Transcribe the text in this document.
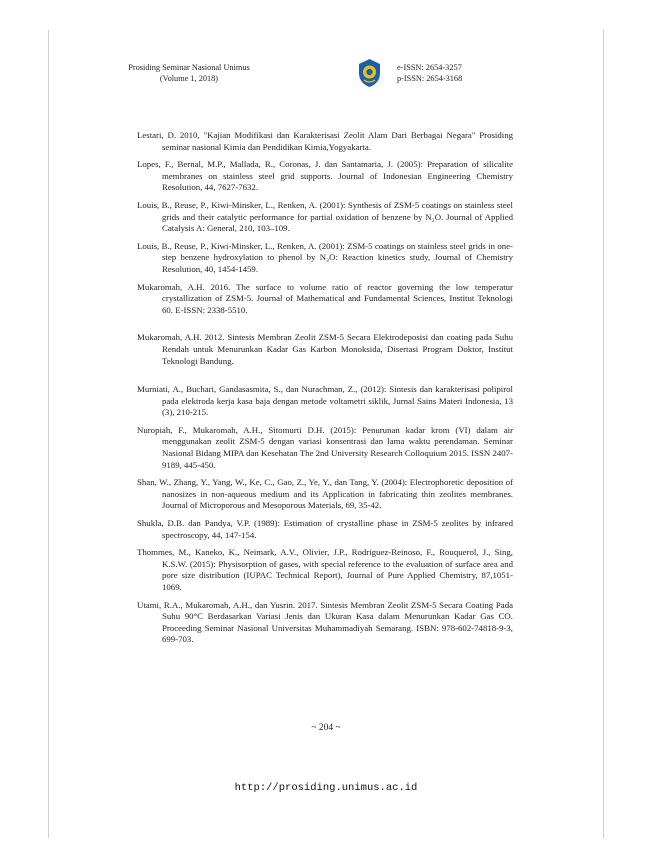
Prosiding Seminar Nasional Unimus
(Volume 1, 2018)
e-ISSN: 2654-3257
p-ISSN: 2654-3168

Lestari, D. 2010, "Kajian Modifikasi dan Karakterisasi Zeolit Alam Dari Berbagai Negara" Prosiding seminar nasional Kimia dan Pendidikan Kimia,Yogyakarta.

Lopes, F., Bernal, M.P., Mallada, R., Coronas, J. dan Santamaria, J. (2005): Preparation of silicalite membranes on stainless steel grid supports. Journal of Indonesian Engineering Chemistry Resolution, 44, 7627-7632.

Louis, B., Reuse, P., Kiwi-Minsker, L., Renken, A. (2001): Synthesis of ZSM-5 coatings on stainless steel grids and their catalytic performance for partial oxidation of benzene by N₂O. Journal of Applied Catalysis A: General, 210, 103–109.

Louis, B., Reuse, P., Kiwi-Minsker, L., Renken, A. (2001): ZSM-5 coatings on stainless steel grids in one-step benzene hydroxylation to phenol by N₂O: Reaction kinetics study, Journal of Chemistry Resolution, 40, 1454-1459.

Mukaromah, A.H. 2016. The surface to volume ratio of reactor governing the low temperatur crystallization of ZSM-5. Journal of Mathematical and Fundamental Sciences, Institut Teknologi 60. E-ISSN: 2338-5510.

Mukaromah, A.H. 2012. Sintesis Membran Zeolit ZSM-5 Secara Elektrodeposisi dan coating pada Suhu Rendah untuk Menurunkan Kadar Gas Karbon Monoksida, Disertasi Program Doktor, Institut Teknologi Bandung.

Murniati, A., Buchari, Gandasasmita, S., dan Nurachman, Z., (2012): Sintesis dan karakterisasi polipirol pada elektroda kerja kasa baja dengan metode voltametri siklik, Jurnal Sains Materi Indonesia, 13 (3), 210-215.

Nuropiah, F., Mukaromah, A.H., Sitomurti D.H. (2015): Penurunan kadar krom (VI) dalam air menggunakan zeolit ZSM-5 dengan variasi konsentrasi dan lama waktu perendaman. Seminar Nasional Bidang MIPA dan Kesehatan The 2nd University Research Colloquium 2015. ISSN 2407-9189, 445-450.

Shan, W., Zhang, Y., Yang, W., Ke, C., Gao, Z., Ye, Y., dan Tang, Y. (2004): Electrophoretic deposition of nanosizes in non-aqueous medium and its Application in fabricating thin zeolites membranes. Journal of Microporous and Mesoporous Materials, 69, 35-42.

Shukla, D.B. dan Pandya, V.P. (1989): Estimation of crystalline phase in ZSM-5 zeolites by infrared spectroscopy, 44, 147-154.

Thommes, M., Kaneko, K., Neimark, A.V., Olivier, J.P., Rodriguez-Reinoso, F., Rouquerol, J., Sing, K.S.W. (2015): Physisorption of gases, with special reference to the evaluation of surface area and pore size distribution (IUPAC Technical Report), Journal of Pure Applied Chemistry, 87,1051-1069.

Utami, R.A., Mukaromah, A.H., dan Yusrin. 2017. Sintesis Membran Zeolit ZSM-5 Secara Coating Pada Suhu 90°C Berdasarkan Variasi Jenis dan Ukuran Kasa dalam Menurunkan Kadar Gas CO. Proceeding Seminar Nasional Universitas Muhammadiyah Semarang. ISBN: 978-602-74818-9-3, 699-703.

~ 204 ~
http://prosiding.unimus.ac.id
